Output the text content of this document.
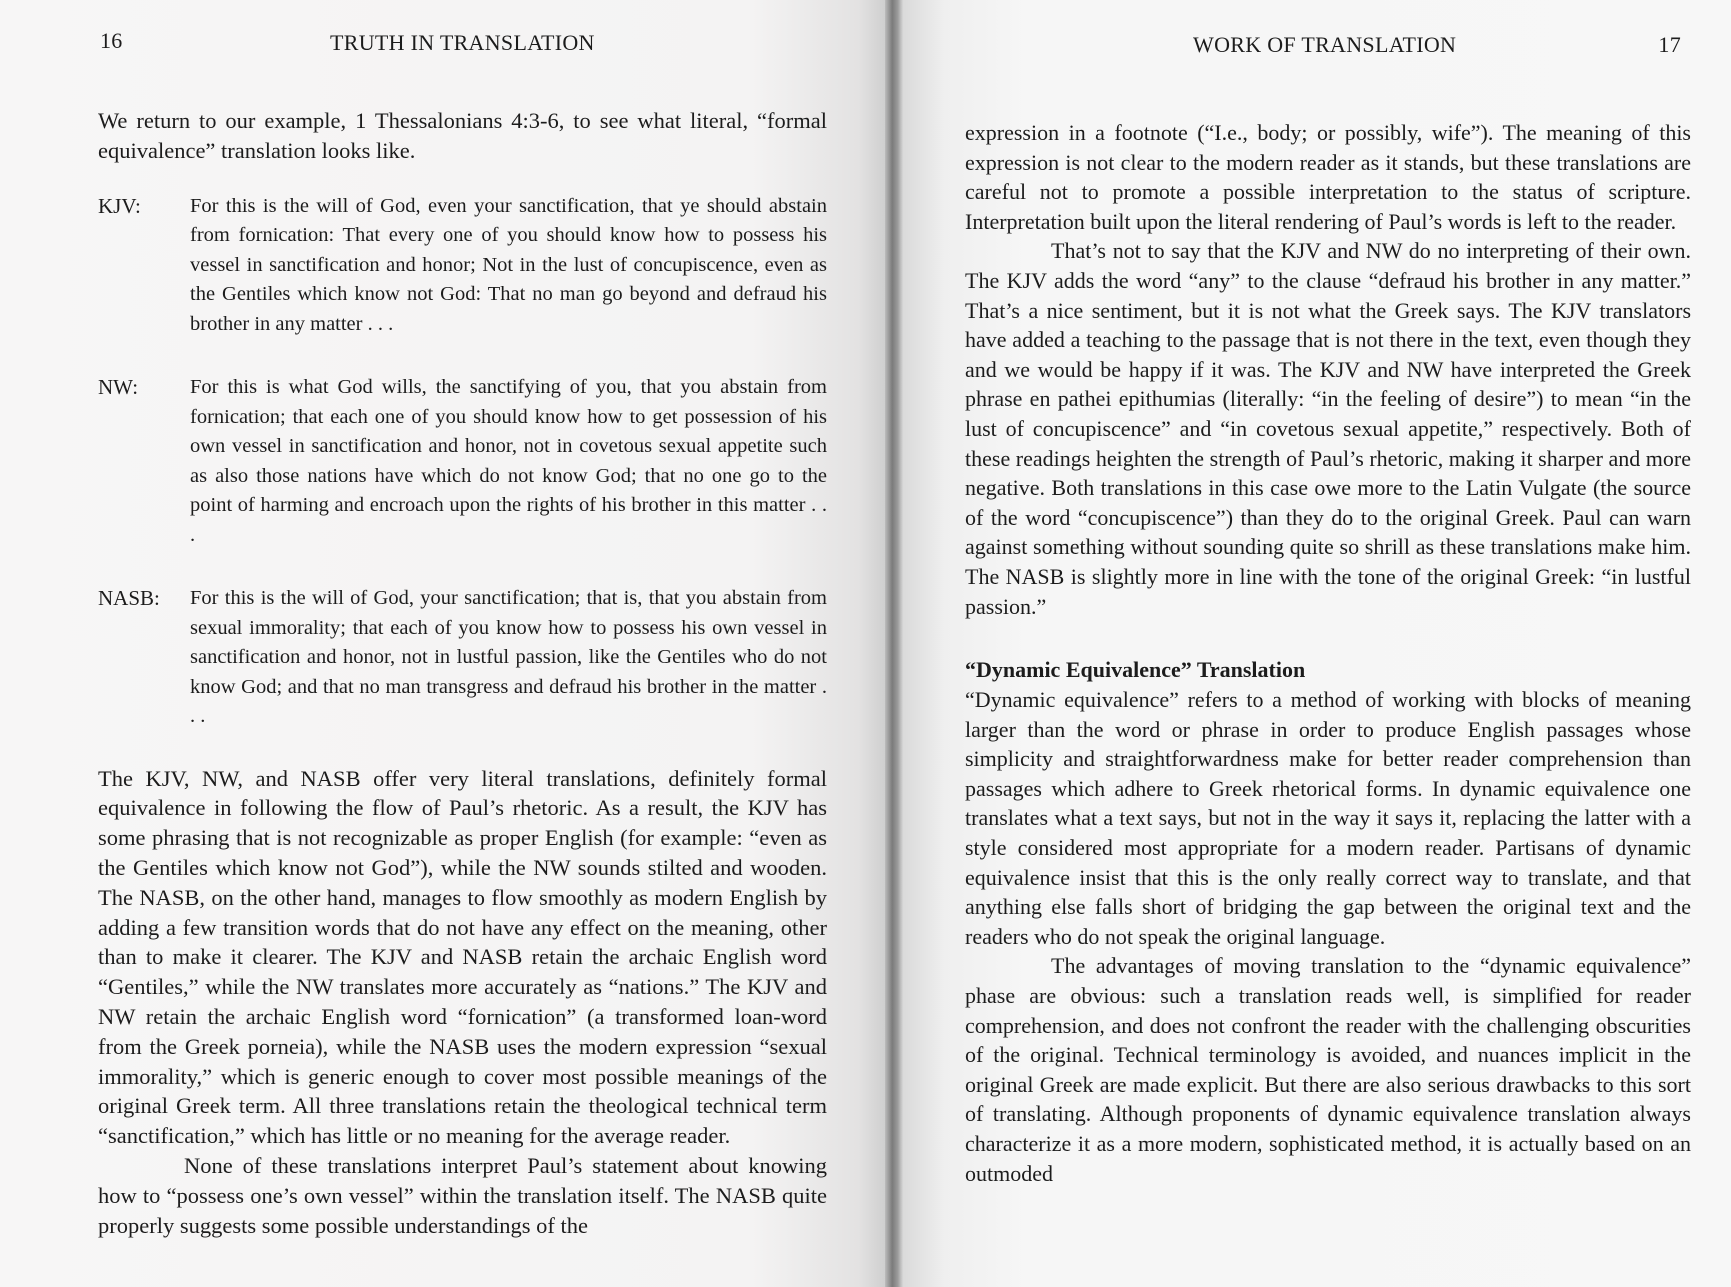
16	TRUTH IN TRANSLATION

We return to our example, 1 Thessalonians 4:3-6, to see what literal, “formal equivalence” translation looks like.

KJV:	For this is the will of God, even your sanctification, that ye should abstain from fornication: That every one of you should know how to possess his vessel in sanctification and honor; Not in the lust of concupiscence, even as the Gentiles which know not God: That no man go beyond and defraud his brother in any matter . . .
NW:	For this is what God wills, the sanctifying of you, that you abstain from fornication; that each one of you should know how to get possession of his own vessel in sanctification and honor, not in covetous sexual appetite such as also those nations have which do not know God; that no one go to the point of harming and encroach upon the rights of his brother in this matter . . .
NASB:	For this is the will of God, your sanctification; that is, that you abstain from sexual immorality; that each of you know how to possess his own vessel in sanctification and honor, not in lustful passion, like the Gentiles who do not know God; and that no man transgress and defraud his brother in the matter . . .

The KJV, NW, and NASB offer very literal translations, definitely formal equivalence in following the flow of Paul’s rhetoric. As a result, the KJV has some phrasing that is not recognizable as proper English (for example: “even as the Gentiles which know not God”), while the NW sounds stilted and wooden. The NASB, on the other hand, manages to flow smoothly as modern English by adding a few transition words that do not have any effect on the meaning, other than to make it clearer. The KJV and NASB retain the archaic English word “Gentiles,” while the NW translates more accurately as “nations.” The KJV and NW retain the archaic English word “fornication” (a transformed loan-word from the Greek porneia), while the NASB uses the modern expression “sexual immorality,” which is generic enough to cover most possible meanings of the original Greek term. All three translations retain the theological technical term “sanctification,” which has little or no meaning for the average reader.

None of these translations interpret Paul’s statement about knowing how to “possess one’s own vessel” within the translation itself. The NASB quite properly suggests some possible understandings of the

WORK OF TRANSLATION	17

expression in a footnote (“I.e., body; or possibly, wife”). The meaning of this expression is not clear to the modern reader as it stands, but these translations are careful not to promote a possible interpretation to the status of scripture. Interpretation built upon the literal rendering of Paul’s words is left to the reader.

That’s not to say that the KJV and NW do no interpreting of their own. The KJV adds the word “any” to the clause “defraud his brother in any matter.” That’s a nice sentiment, but it is not what the Greek says. The KJV translators have added a teaching to the passage that is not there in the text, even though they and we would be happy if it was. The KJV and NW have interpreted the Greek phrase en pathei epithumias (literally: “in the feeling of desire”) to mean “in the lust of concupiscence” and “in covetous sexual appetite,” respectively. Both of these readings heighten the strength of Paul’s rhetoric, making it sharper and more negative. Both translations in this case owe more to the Latin Vulgate (the source of the word “concupiscence”) than they do to the original Greek. Paul can warn against something without sounding quite so shrill as these translations make him. The NASB is slightly more in line with the tone of the original Greek: “in lustful passion.”

“Dynamic Equivalence” Translation

“Dynamic equivalence” refers to a method of working with blocks of meaning larger than the word or phrase in order to produce English passages whose simplicity and straightforwardness make for better reader comprehension than passages which adhere to Greek rhetorical forms. In dynamic equivalence one translates what a text says, but not in the way it says it, replacing the latter with a style considered most appropriate for a modern reader. Partisans of dynamic equivalence insist that this is the only really correct way to translate, and that anything else falls short of bridging the gap between the original text and the readers who do not speak the original language.

The advantages of moving translation to the “dynamic equivalence” phase are obvious: such a translation reads well, is simplified for reader comprehension, and does not confront the reader with the challenging obscurities of the original. Technical terminology is avoided, and nuances implicit in the original Greek are made explicit. But there are also serious drawbacks to this sort of translating. Although proponents of dynamic equivalence translation always characterize it as a more modern, sophisticated method, it is actually based on an outmoded
